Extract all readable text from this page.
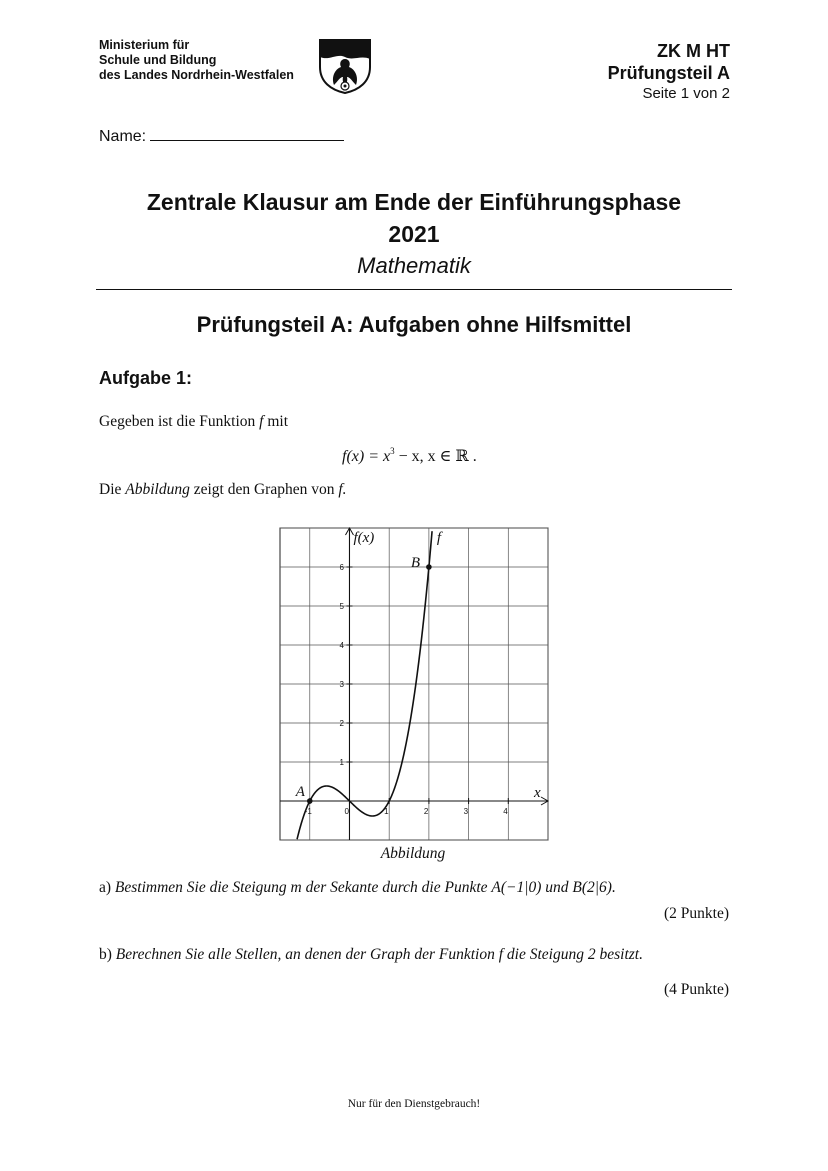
Ministerium für
Schule und Bildung
des Landes Nordrhein-Westfalen
ZK M HT
Prüfungsteil A
Seite 1 von 2
Name:
Zentrale Klausur am Ende der Einführungsphase
2021
Mathematik
Prüfungsteil A: Aufgaben ohne Hilfsmittel
Aufgabe 1:
Gegeben ist die Funktion f mit
$f(x) = x^3 - x$, x ∈ ℝ .
Die Abbildung zeigt den Graphen von f.
-1	0	1	2	3	4
1
2
3
4
5
6
f(x)
x
f
A
B
Abbildung
a) Bestimmen Sie die Steigung m der Sekante durch die Punkte A(−1|0) und B(2|6).
(2 Punkte)
b) Berechnen Sie alle Stellen, an denen der Graph der Funktion f die Steigung 2 besitzt.
(4 Punkte)
Nur für den Dienstgebrauch!
